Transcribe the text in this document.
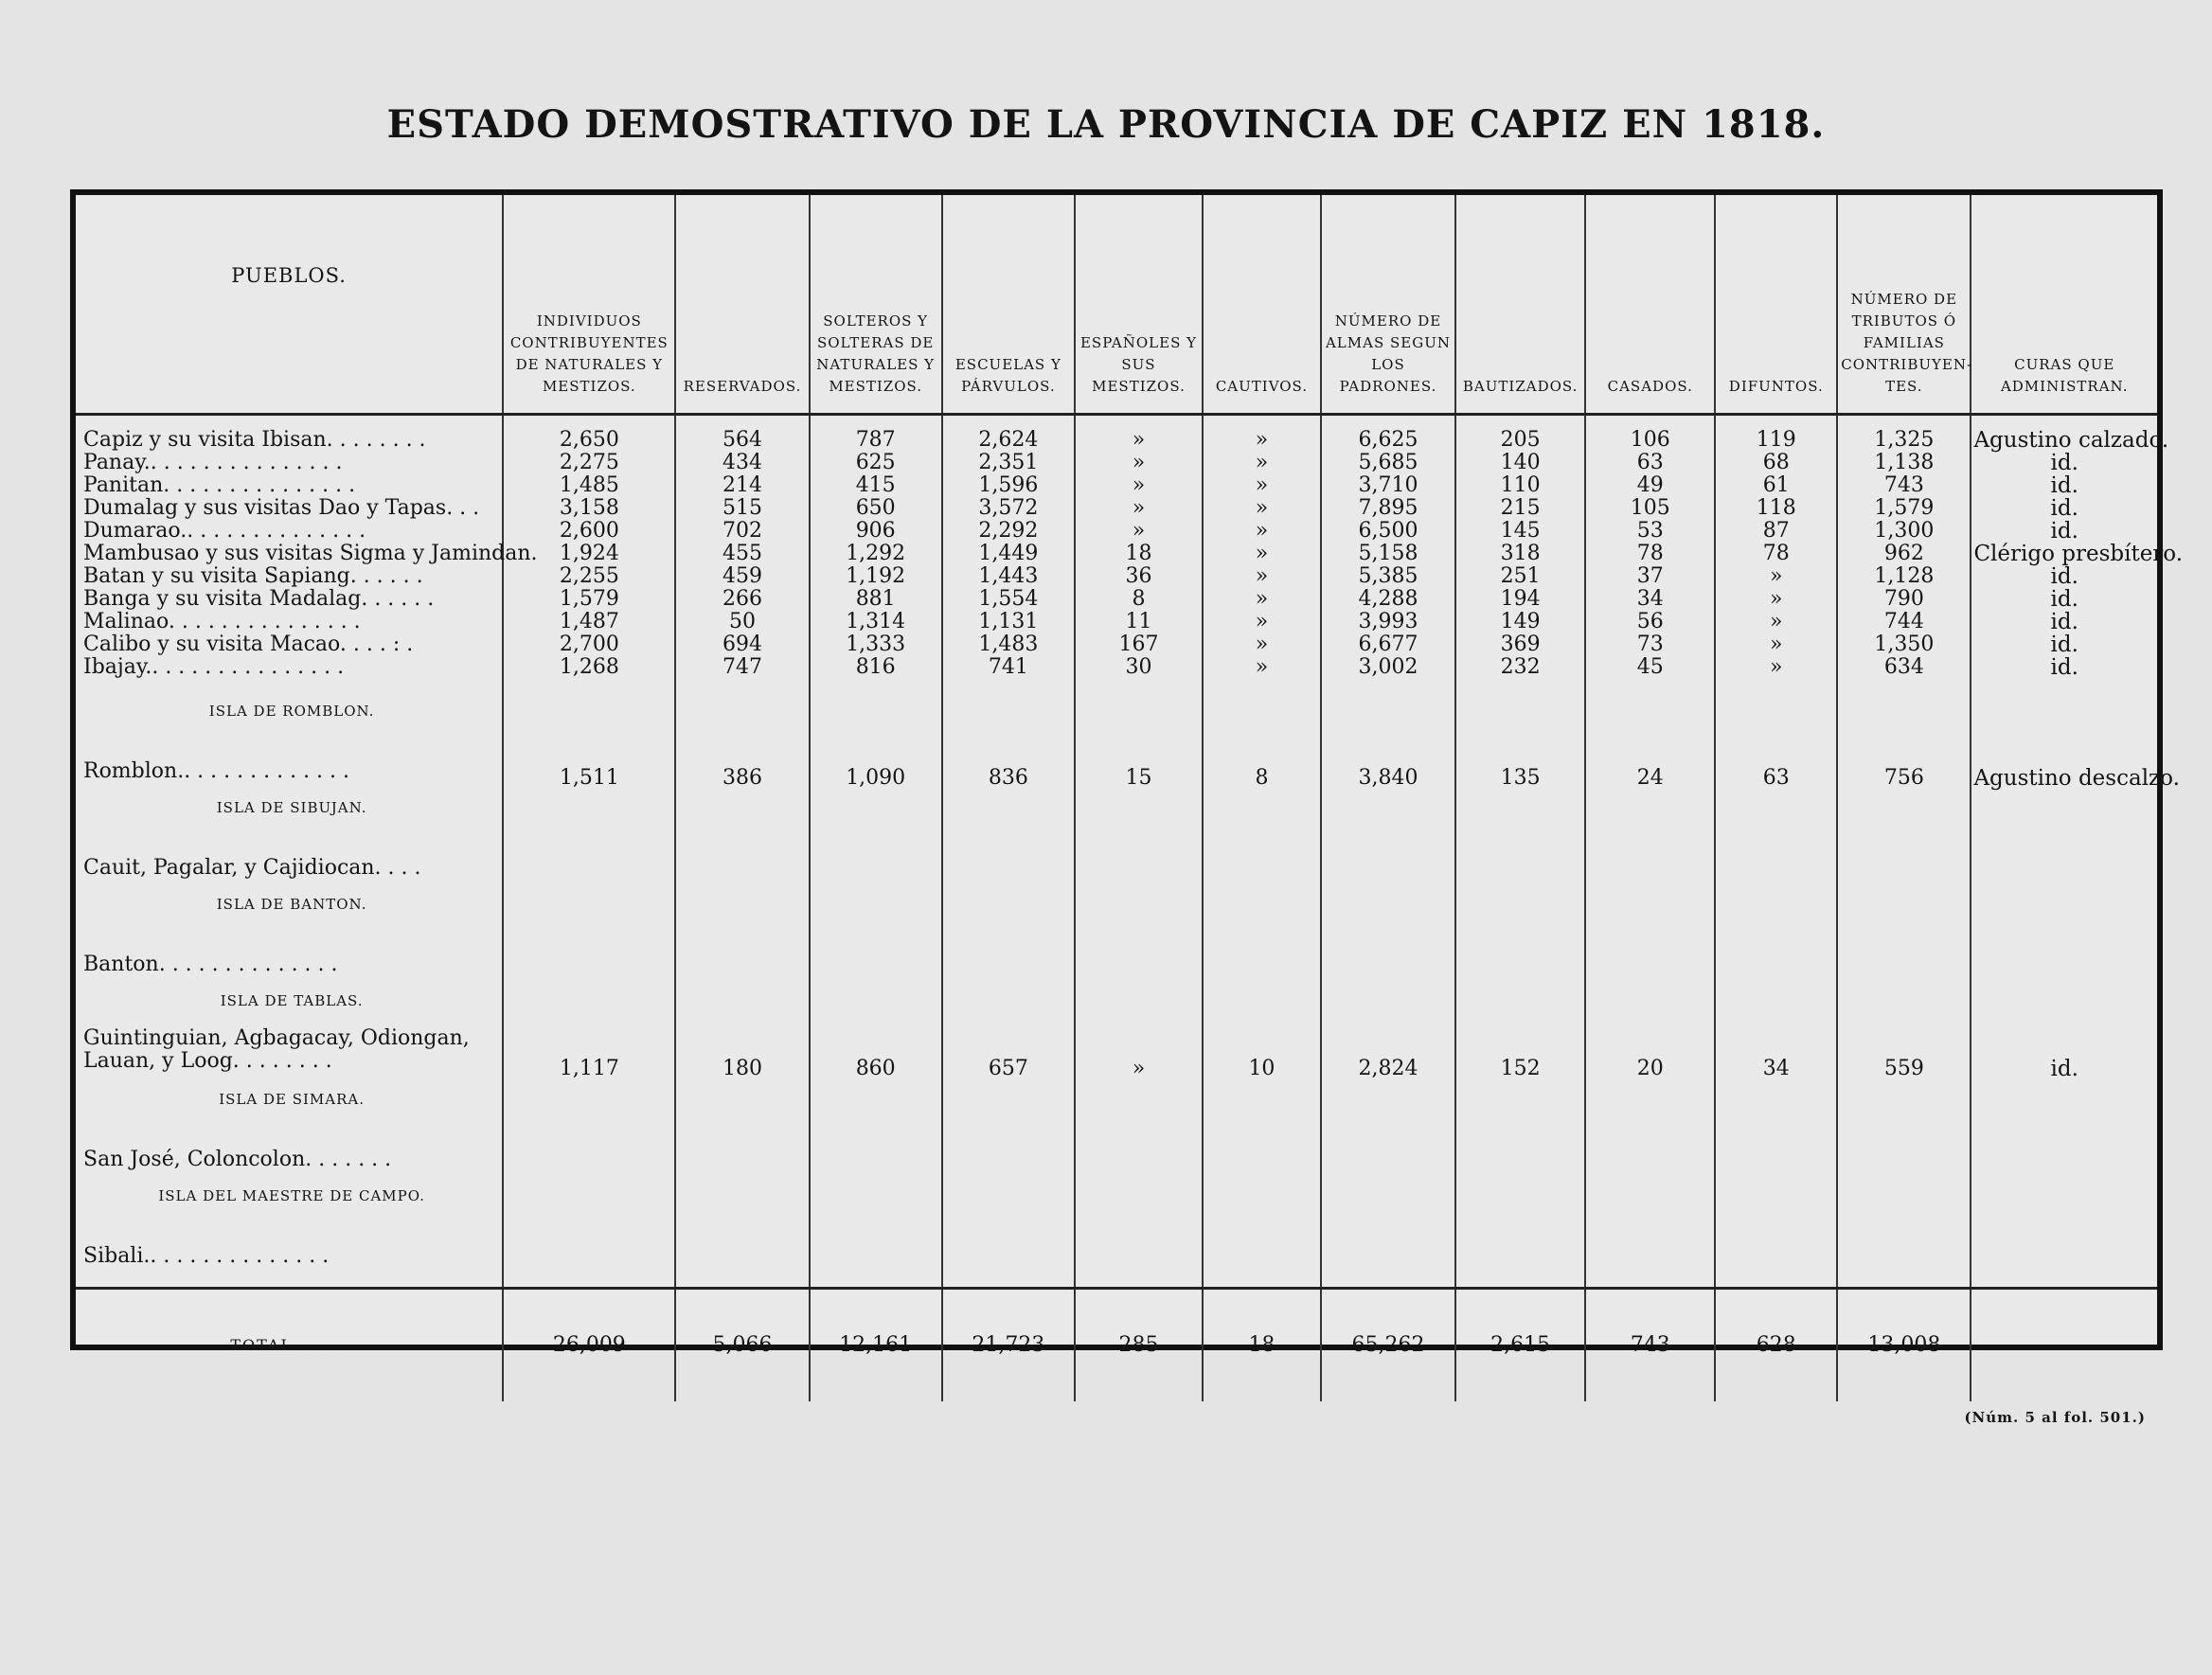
ESTADO DEMOSTRATIVO DE LA PROVINCIA DE CAPIZ EN 1818.
PUEBLOS.	INDIVIDUOS CONTRIBUYENTES DE NATURALES Y MESTIZOS.	RESERVADOS.	SOLTEROS Y SOLTERAS DE NATURALES Y MESTIZOS.	ESCUELAS Y PÁRVULOS.	ESPAÑOLES Y SUS MESTIZOS.	CAUTIVOS.	NÚMERO DE ALMAS SEGUN LOS PADRONES.	BAUTIZADOS.	CASADOS.	DIFUNTOS.	NÚMERO DE TRIBUTOS Ó FAMILIAS CONTRIBUYEN- TES.	CURAS QUE ADMINISTRAN.

Capiz y su visita Ibisan. . . . . . . .	2,650	564	787	2,624	»	»	6,625	205	106	119	1,325	Agustino calzado.
Panay.. . . . . . . . . . . . . . .	2,275	434	625	2,351	»	»	5,685	140	63	68	1,138	id.
Panitan. . . . . . . . . . . . . . .	1,485	214	415	1,596	»	»	3,710	110	49	61	743	id.
Dumalag y sus visitas Dao y Tapas. . .	3,158	515	650	3,572	»	»	7,895	215	105	118	1,579	id.
Dumarao.. . . . . . . . . . . . . .	2,600	702	906	2,292	»	»	6,500	145	53	87	1,300	id.
Mambusao y sus visitas Sigma y Jamindan.	1,924	455	1,292	1,449	18	»	5,158	318	78	78	962	Clérigo presbítero.
Batan y su visita Sapiang. . . . . .	2,255	459	1,192	1,443	36	»	5,385	251	37	»	1,128	id.
Banga y su visita Madalag. . . . . .	1,579	266	881	1,554	8	»	4,288	194	34	»	790	id.
Malinao. . . . . . . . . . . . . . .	1,487	50	1,314	1,131	11	»	3,993	149	56	»	744	id.
Calibo y su visita Macao. . . . : .	2,700	694	1,333	1,483	167	»	6,677	369	73	»	1,350	id.
Ibajay.. . . . . . . . . . . . . . .	1,268	747	816	741	30	»	3,002	232	45	»	634	id.

ISLA DE ROMBLON.												
Romblon.. . . . . . . . . . . . .	1,511	386	1,090	836	15	8	3,840	135	24	63	756	Agustino descalzo.
ISLA DE SIBUJAN.												
Cauit, Pagalar, y Cajidiocan. . . .												
ISLA DE BANTON.												
Banton. . . . . . . . . . . . . .												
ISLA DE TABLAS.												
Guintinguian, Agbagacay, Odiongan, Lauan, y Loog. . . . . . . .	1,117	180	860	657	»	10	2,824	152	20	34	559	id.
ISLA DE SIMARA.												
San José, Coloncolon. . . . . . .												
ISLA DEL MAESTRE DE CAMPO.												
Sibali.. . . . . . . . . . . . . .												

TOTAL. . . . .	26,009	5,066	12,161	21,723	285	18	65,262	2,615	743	628	13,008	
(Núm. 5 al fol. 501.)
